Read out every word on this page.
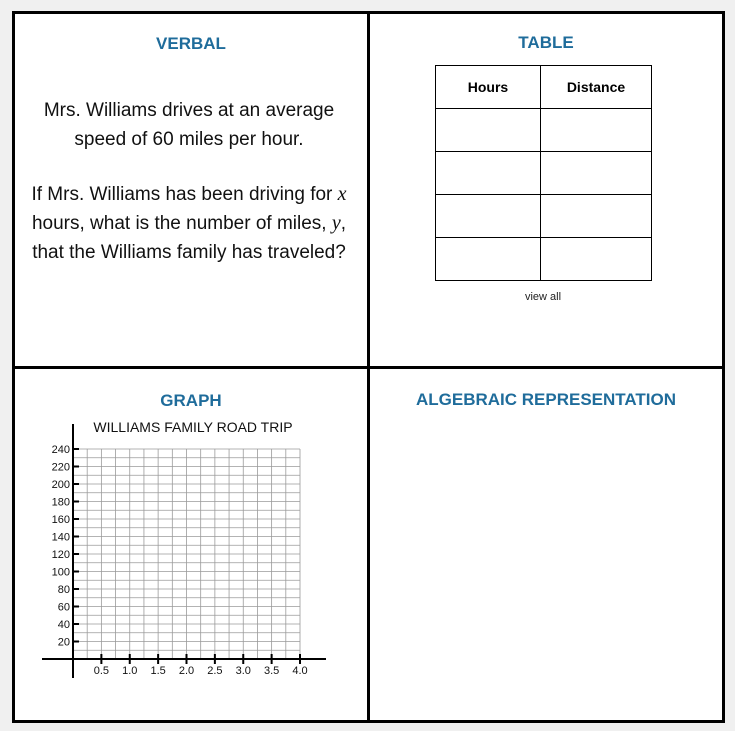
VERBAL

Mrs. Williams drives at an average speed of 60 miles per hour.

If Mrs. Williams has been driving for x hours, what is the number of miles, y, that the Williams family has traveled?

TABLE
Hours	Distance

view all
GRAPH	ALGEBRAIC REPRESENTATION
WILLIAMS FAMILY ROAD TRIP
0.5 1.0 1.5 2.0 2.5 3.0 3.5 4.0
20
40
60
80
100
120
140
160
180
200
220
240
